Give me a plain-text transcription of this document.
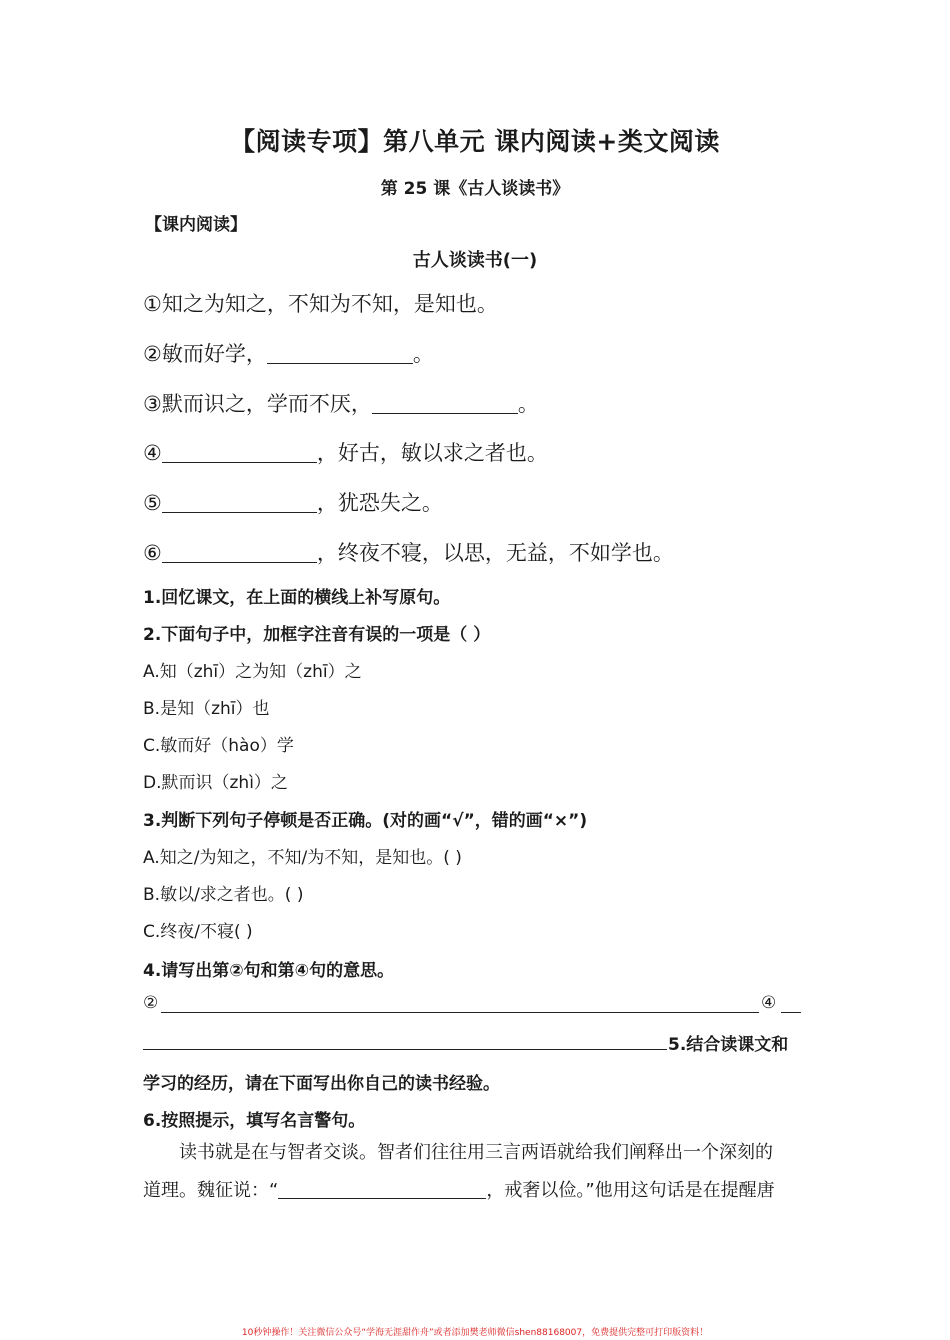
【阅读专项】第八单元 课内阅读+类文阅读
第 25 课《古人谈读书》
【课内阅读】
古人谈读书(一)
①知之为知之，不知为不知，是知也。
②敏而好学，	。
③默而识之，学而不厌，	。
④	，好古，敏以求之者也。
⑤	，犹恐失之。
⑥	，终夜不寝，以思，无益，不如学也。
1.回忆课文，在上面的横线上补写原句。
2.下面句子中，加框字注音有误的一项是（ ）
A.知（zhī）之为知（zhī）之
B.是知（zhī）也
C.敏而好（hào）学
D.默而识（zhì）之
3.判断下列句子停顿是否正确。(对的画“√”，错的画“×”)
A.知之/为知之，不知/为不知，是知也。( )
B.敏以/求之者也。( )
C.终夜/不寝( )
4.请写出第②句和第④句的意思。
②	④
5.结合读课文和
学习的经历，请在下面写出你自己的读书经验。
6.按照提示，填写名言警句。
读书就是在与智者交谈。智者们往往用三言两语就给我们阐释出一个深刻的
道理。魏征说：“	，戒奢以俭。”他用这句话是在提醒唐
10秒钟操作！关注微信公众号“学海无涯甜作舟”或者添加樊老师微信shen88168007，免费提供完整可打印版资料！
